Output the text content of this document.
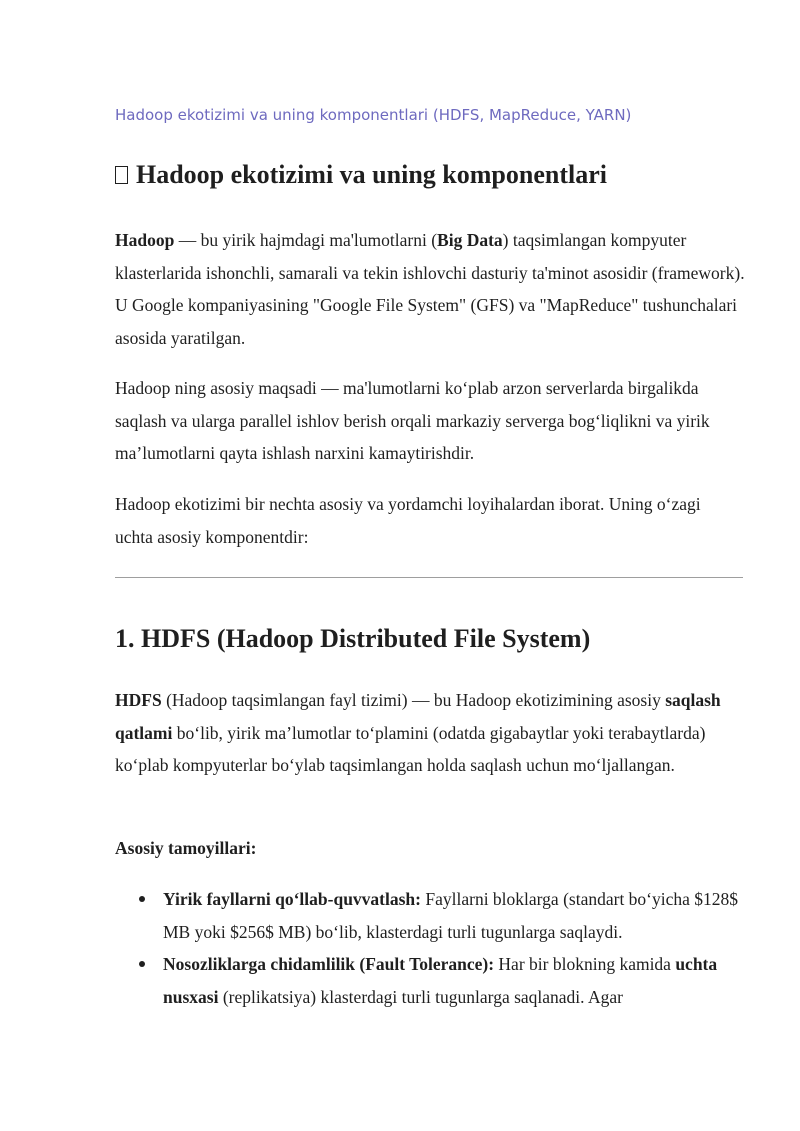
Hadoop ekotizimi va uning komponentlari (HDFS, MapReduce, YARN)
Hadoop ekotizimi va uning komponentlari

Hadoop — bu yirik hajmdagi ma'lumotlarni (Big Data) taqsimlangan kompyuter klasterlarida ishonchli, samarali va tekin ishlovchi dasturiy ta'minot asosidir (framework). U Google kompaniyasining "Google File System" (GFS) va "MapReduce" tushunchalari asosida yaratilgan.

Hadoop ning asosiy maqsadi — ma'lumotlarni ko‘plab arzon serverlarda birgalikda saqlash va ularga parallel ishlov berish orqali markaziy serverga bog‘liqlikni va yirik ma’lumotlarni qayta ishlash narxini kamaytirishdir.

Hadoop ekotizimi bir nechta asosiy va yordamchi loyihalardan iborat. Uning o‘zagi uchta asosiy komponentdir:

1. HDFS (Hadoop Distributed File System)

HDFS (Hadoop taqsimlangan fayl tizimi) — bu Hadoop ekotizimining asosiy saqlash qatlami bo‘lib, yirik ma’lumotlar to‘plamini (odatda gigabaytlar yoki terabaytlarda) ko‘plab kompyuterlar bo‘ylab taqsimlangan holda saqlash uchun mo‘ljallangan.

Asosiy tamoyillari:

Yirik fayllarni qo‘llab-quvvatlash: Fayllarni bloklarga (standart bo‘yicha $128$ MB yoki $256$ MB) bo‘lib, klasterdagi turli tugunlarga saqlaydi.
Nosozliklarga chidamlilik (Fault Tolerance): Har bir blokning kamida uchta nusxasi (replikatsiya) klasterdagi turli tugunlarga saqlanadi. Agar
